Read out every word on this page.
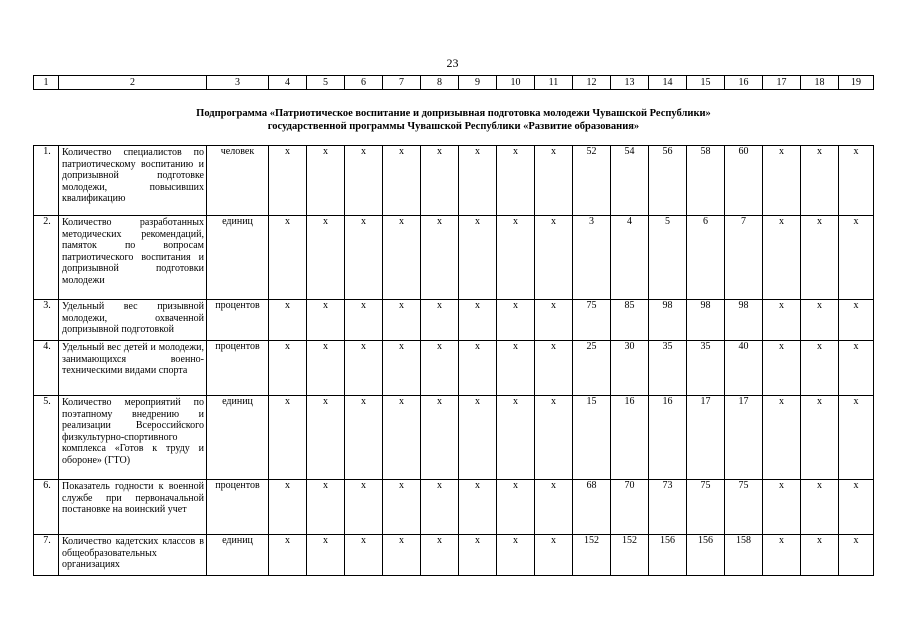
23
1	2	3	4	5	6	7	8	9	10	11	12	13	14	15	16	17	18	19

Подпрограмма «Патриотическое воспитание и допризывная подготовка молодежи Чувашской Республики»
государственной программы Чувашской Республики «Развитие образования»																		

1.	Количество специалистов по патриотическому воспитанию и допризывной подготовке молодежи, повысивших квалификацию	человек	x	x	x	x	x	x	x	x	52	54	56	58	60	x	x	x
2.	Количество разработанных методических рекомендаций, памяток по вопросам патриотического воспитания и допризывной подготовки молодежи	единиц	x	x	x	x	x	x	x	x	3	4	5	6	7	x	x	x
3.	Удельный вес призывной молодежи, охваченной допризывной подготовкой	процентов	x	x	x	x	x	x	x	x	75	85	98	98	98	x	x	x
4.	Удельный вес детей и молодежи, занимающихся военно-техническими видами спорта	процентов	x	x	x	x	x	x	x	x	25	30	35	35	40	x	x	x
5.	Количество мероприятий по поэтапному внедрению и реализации Всероссийского физкультурно-спортивного комплекса «Готов к труду и обороне» (ГТО)	единиц	x	x	x	x	x	x	x	x	15	16	16	17	17	x	x	x
6.	Показатель годности к военной службе при первоначальной постановке на воинский учет	процентов	x	x	x	x	x	x	x	x	68	70	73	75	75	x	x	x
7.	Количество кадетских классов в общеобразовательных организациях	единиц	x	x	x	x	x	x	x	x	152	152	156	156	158	x	x	x
